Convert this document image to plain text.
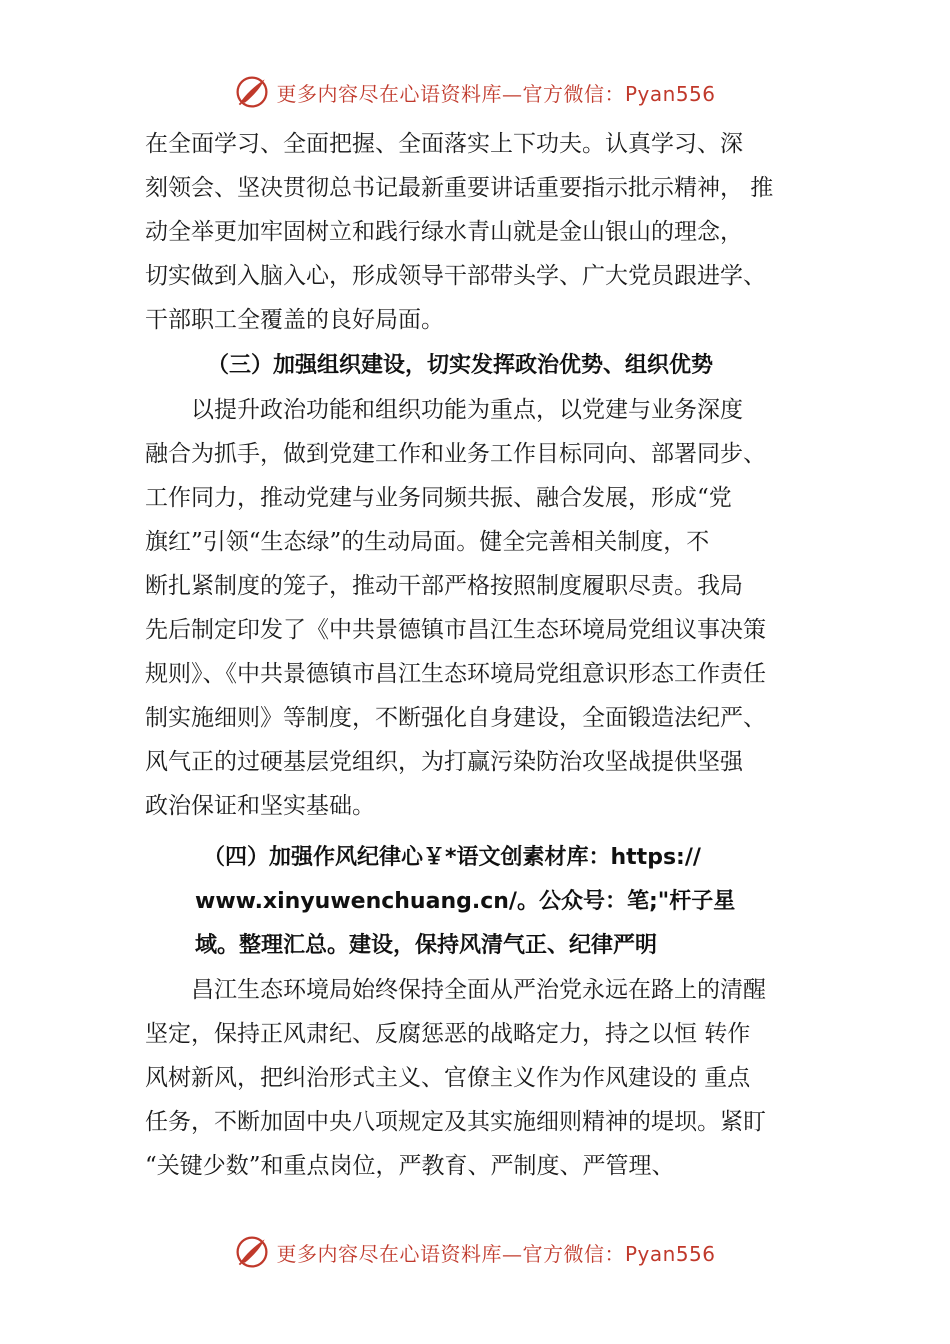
更多内容尽在心语资料库—官方微信：Pyan556
在全面学习、全面把握、全面落实上下功夫。认真学习、深
刻领会、坚决贯彻总书记最新重要讲话重要指示批示精神， 推
动全举更加牢固树立和践行绿水青山就是金山银山的理念，
切实做到入脑入心，形成领导干部带头学、广大党员跟进学、
干部职工全覆盖的良好局面。
（三）加强组织建设，切实发挥政治优势、组织优势
以提升政治功能和组织功能为重点，以党建与业务深度
融合为抓手，做到党建工作和业务工作目标同向、部署同步、
工作同力，推动党建与业务同频共振、融合发展，形成“党
旗红”引领“生态绿”的生动局面。健全完善相关制度，不
断扎紧制度的笼子，推动干部严格按照制度履职尽责。我局
先后制定印发了《中共景德镇市昌江生态环境局党组议事决策
规则》、《中共景德镇市昌江生态环境局党组意识形态工作责任
制实施细则》等制度，不断强化自身建设，全面锻造法纪严、
风气正的过硬基层党组织，为打赢污染防治攻坚战提供坚强
政治保证和坚实基础。
（四）加强作风纪律心￥*语文创素材库：https://
www.xinyuwenchuang.cn/。公众号：笔;"杆子星
域。整理汇总。建设，保持风清气正、纪律严明
昌江生态环境局始终保持全面从严治党永远在路上的清醒
坚定，保持正风肃纪、反腐惩恶的战略定力，持之以恒 转作
风树新风，把纠治形式主义、官僚主义作为作风建设的 重点
任务，不断加固中央八项规定及其实施细则精神的堤坝。紧盯
“关键少数”和重点岗位，严教育、严制度、严管理、
更多内容尽在心语资料库—官方微信：Pyan556
